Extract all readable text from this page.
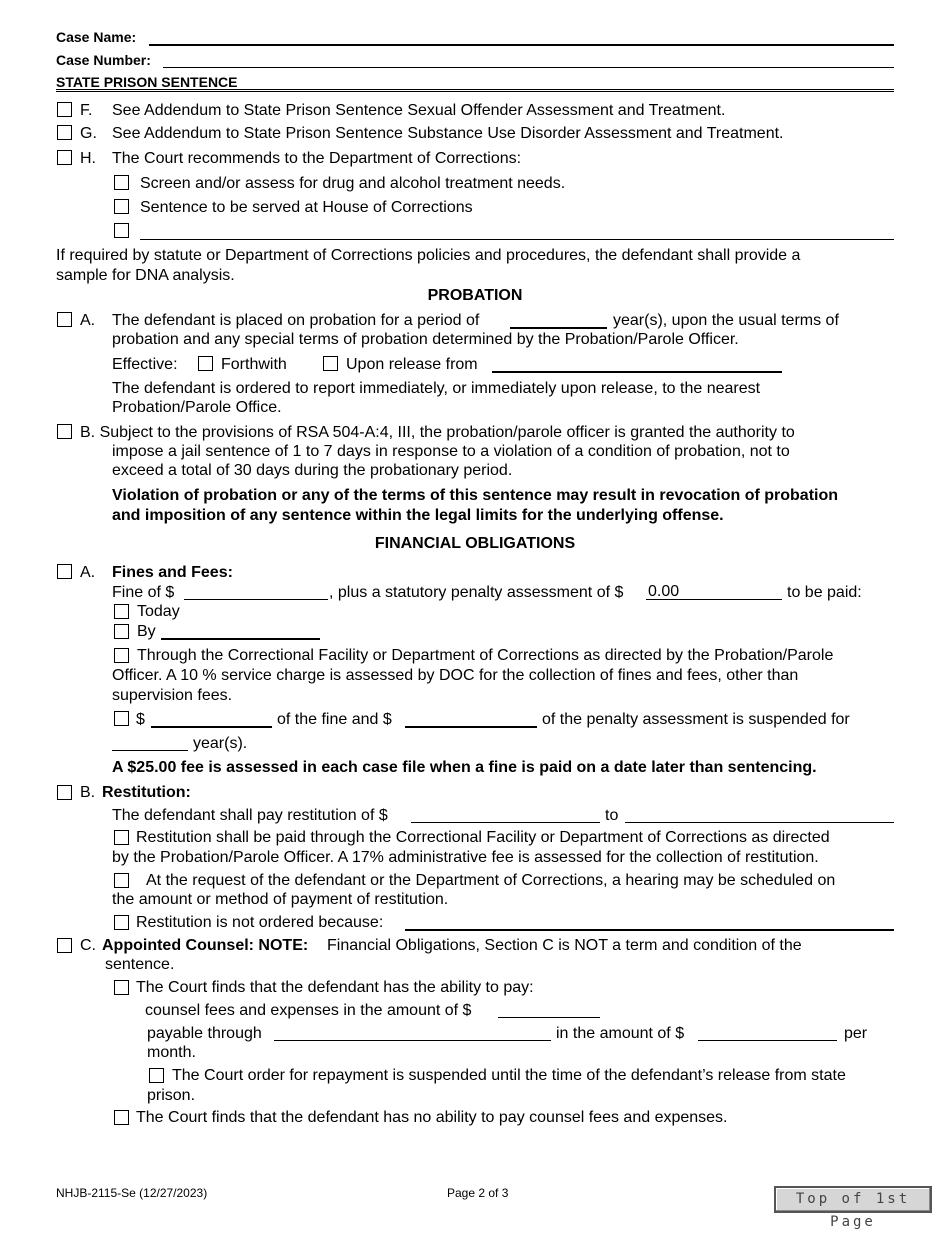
Case Name:
Case Number:
STATE PRISON SENTENCE
F. See Addendum to State Prison Sentence Sexual Offender Assessment and Treatment.
G. See Addendum to State Prison Sentence Substance Use Disorder Assessment and Treatment.
H. The Court recommends to the Department of Corrections:
Screen and/or assess for drug and alcohol treatment needs.
Sentence to be served at House of Corrections
If required by statute or Department of Corrections policies and procedures, the defendant shall provide a
sample for DNA analysis.
PROBATION
A. The defendant is placed on probation for a period of	year(s), upon the usual terms of
probation and any special terms of probation determined by the Probation/Parole Officer.
Effective:	Forthwith	Upon release from
The defendant is ordered to report immediately, or immediately upon release, to the nearest
Probation/Parole Office.
B. Subject to the provisions of RSA 504-A:4, III, the probation/parole officer is granted the authority to
impose a jail sentence of 1 to 7 days in response to a violation of a condition of probation, not to
exceed a total of 30 days during the probationary period.
Violation of probation or any of the terms of this sentence may result in revocation of probation
and imposition of any sentence within the legal limits for the underlying offense.
FINANCIAL OBLIGATIONS
A. Fines and Fees:
Fine of $	, plus a statutory penalty assessment of $ 0.00	to be paid:
Today
By
Through the Correctional Facility or Department of Corrections as directed by the Probation/Parole
Officer. A 10 % service charge is assessed by DOC for the collection of fines and fees, other than
supervision fees.
$	of the fine and $	of the penalty assessment is suspended for
year(s).
A $25.00 fee is assessed in each case file when a fine is paid on a date later than sentencing.
B. Restitution:
The defendant shall pay restitution of $	to
Restitution shall be paid through the Correctional Facility or Department of Corrections as directed
by the Probation/Parole Officer. A 17% administrative fee is assessed for the collection of restitution.
At the request of the defendant or the Department of Corrections, a hearing may be scheduled on
the amount or method of payment of restitution.
Restitution is not ordered because:
C. Appointed Counsel: NOTE: Financial Obligations, Section C is NOT a term and condition of the
sentence.
The Court finds that the defendant has the ability to pay:
counsel fees and expenses in the amount of $
payable through	in the amount of $	per
month.
The Court order for repayment is suspended until the time of the defendant’s release from state
prison.
The Court finds that the defendant has no ability to pay counsel fees and expenses.
NHJB-2115-Se (12/27/2023)	Page 2 of 3	Top of 1st Page
